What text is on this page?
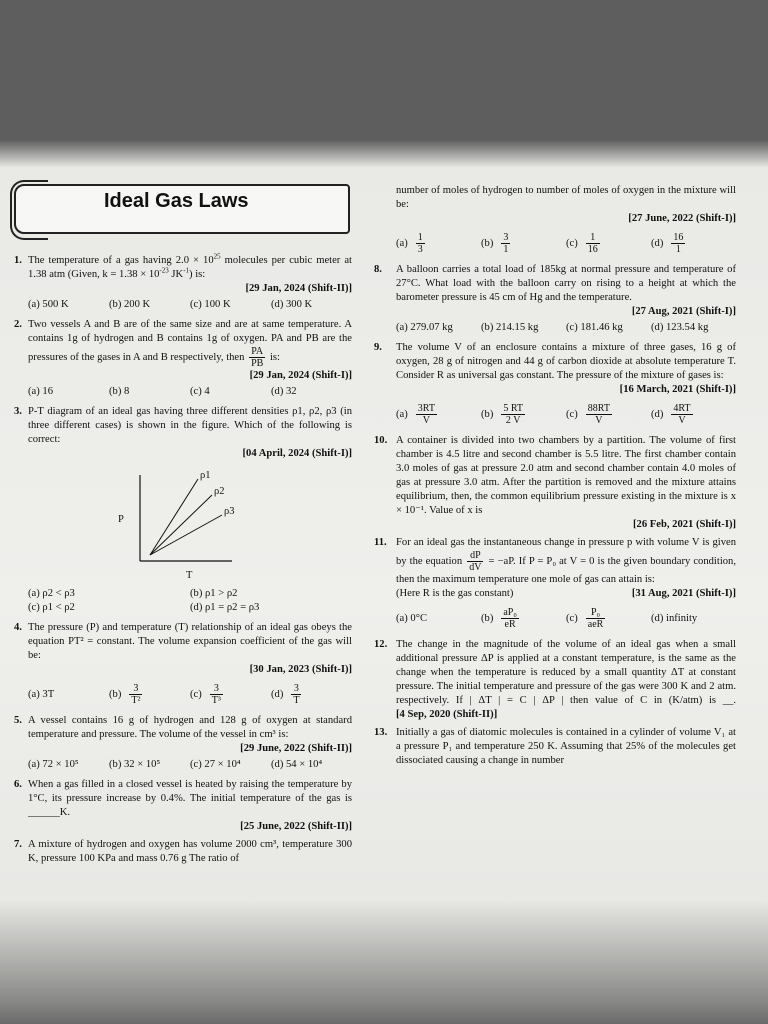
Ideal Gas Laws
1. The temperature of a gas having $2.0 \times 10^{25}$ molecules per cubic meter at 1.38 atm (Given, $k = 1.38 \times 10^{-23}$ $JK^{-1}$) is:
[29 Jan, 2024 (Shift-II)]
(a) 500 K	(b) 200 K	(c) 100 K	(d) 300 K
2. Two vessels A and B are of the same size and are at same temperature. A contains 1g of hydrogen and B contains 1g of oxygen. PA and PB are the pressures of the gases in A and B respectively, then $\frac{PA}{PB}$ is:
[29 Jan, 2024 (Shift-I)]
(a) 16	(b) 8	(c) 4	(d) 32
3. P-T diagram of an ideal gas having three different densities ρ1, ρ2, ρ3 (in three different cases) is shown in the figure. Which of the following is correct:
[04 April, 2024 (Shift-I)]
P
T
ρ1
ρ2
ρ3
(a) ρ2 < ρ3	(b) ρ1 > ρ2
(c) ρ1 < ρ2	(d) ρ1 = ρ2 = ρ3
4. The pressure (P) and temperature (T) relationship of an ideal gas obeys the equation PT² = constant. The volume expansion coefficient of the gas will be:
[30 Jan, 2023 (Shift-I)]
(a) 3T	$(b) \frac{3}{\text{T²}}$	$(c) \frac{3}{\text{T³}}$	$(d) \frac{3}{T}$
5. A vessel contains 16 g of hydrogen and 128 g of oxygen at standard temperature and pressure. The volume of the vessel in cm³ is:
[29 June, 2022 (Shift-II)]
(a) 72 × 10⁵	(b) 32 × 10⁵	(c) 27 × 10⁴	(d) 54 × 10⁴
6. When a gas filled in a closed vessel is heated by raising the temperature by 1°C, its pressure increase by 0.4%. The initial temperature of the gas is ______K.
[25 June, 2022 (Shift-II)]
7. A mixture of hydrogen and oxygen has volume 2000 cm³, temperature 300 K, pressure 100 KPa and mass 0.76 g The ratio of
number of moles of hydrogen to number of moles of oxygen in the mixture will be:
[27 June, 2022 (Shift-I)]
$(a) \frac{1}{3}$	$(b) \frac{3}{1}$	$(c) \frac{1}{16}$	$(d) \frac{16}{1}$
8. A balloon carries a total load of 185kg at normal pressure and temperature of 27°C. What load with the balloon carry on rising to a height at which the barometer pressure is 45 cm of Hg and the temperature.
[27 Aug, 2021 (Shift-I)]
(a) 279.07 kg	(b) 214.15 kg	(c) 181.46 kg	(d) 123.54 kg
9. The volume V of an enclosure contains a mixture of three gases, 16 g of oxygen, 28 g of nitrogen and 44 g of carbon dioxide at absolute temperature T. Consider R as universal gas constant. The pressure of the mixture of gases is:
[16 March, 2021 (Shift-I)]
$(a) \frac{3RT}{V}$	$(b) \frac{5 RT}{2 V}$	$(c) \frac{88RT}{V}$	$(d) \frac{4RT}{V}$
10. A container is divided into two chambers by a partition. The volume of first chamber is 4.5 litre and second chamber is 5.5 litre. The first chamber contain 3.0 moles of gas at pressure 2.0 atm and second chamber contain 4.0 moles of gas at pressure 3.0 atm. After the partition is removed and the mixture attains equilibrium, then, the common equilibrium pressure existing in the mixture is x × 10⁻¹. Value of x is
[26 Feb, 2021 (Shift-I)]
11. For an ideal gas the instantaneous change in pressure p with volume V is given by the equation $\frac{dP}{dV} = -aP$. If P = P₀ at V = 0 is the given boundary condition, then the maximum temperature one mole of gas can attain is:
(Here R is the gas constant)	[31 Aug, 2021 (Shift-I)]
(a) 0°C	$(b) \frac{\text{aP₀}}{eR}$	$(c) \frac{\text{P₀}}{\text{aeR}}$	(d) infinity
12. The change in the magnitude of the volume of an ideal gas when a small additional pressure ΔP is applied at a constant temperature, is the same as the change when the temperature is reduced by a small quantity ΔT at constant pressure. The initial temperature and pressure of the gas were 300 K and 2 atm. respectively. If | ΔT | = C | ΔP | then value of C in (K/atm) is __. [4 Sep, 2020 (Shift-II)]
13. Initially a gas of diatomic molecules is contained in a cylinder of volume V₁ at a pressure P₁ and temperature 250 K. Assuming that 25% of the molecules get dissociated causing a change in number
